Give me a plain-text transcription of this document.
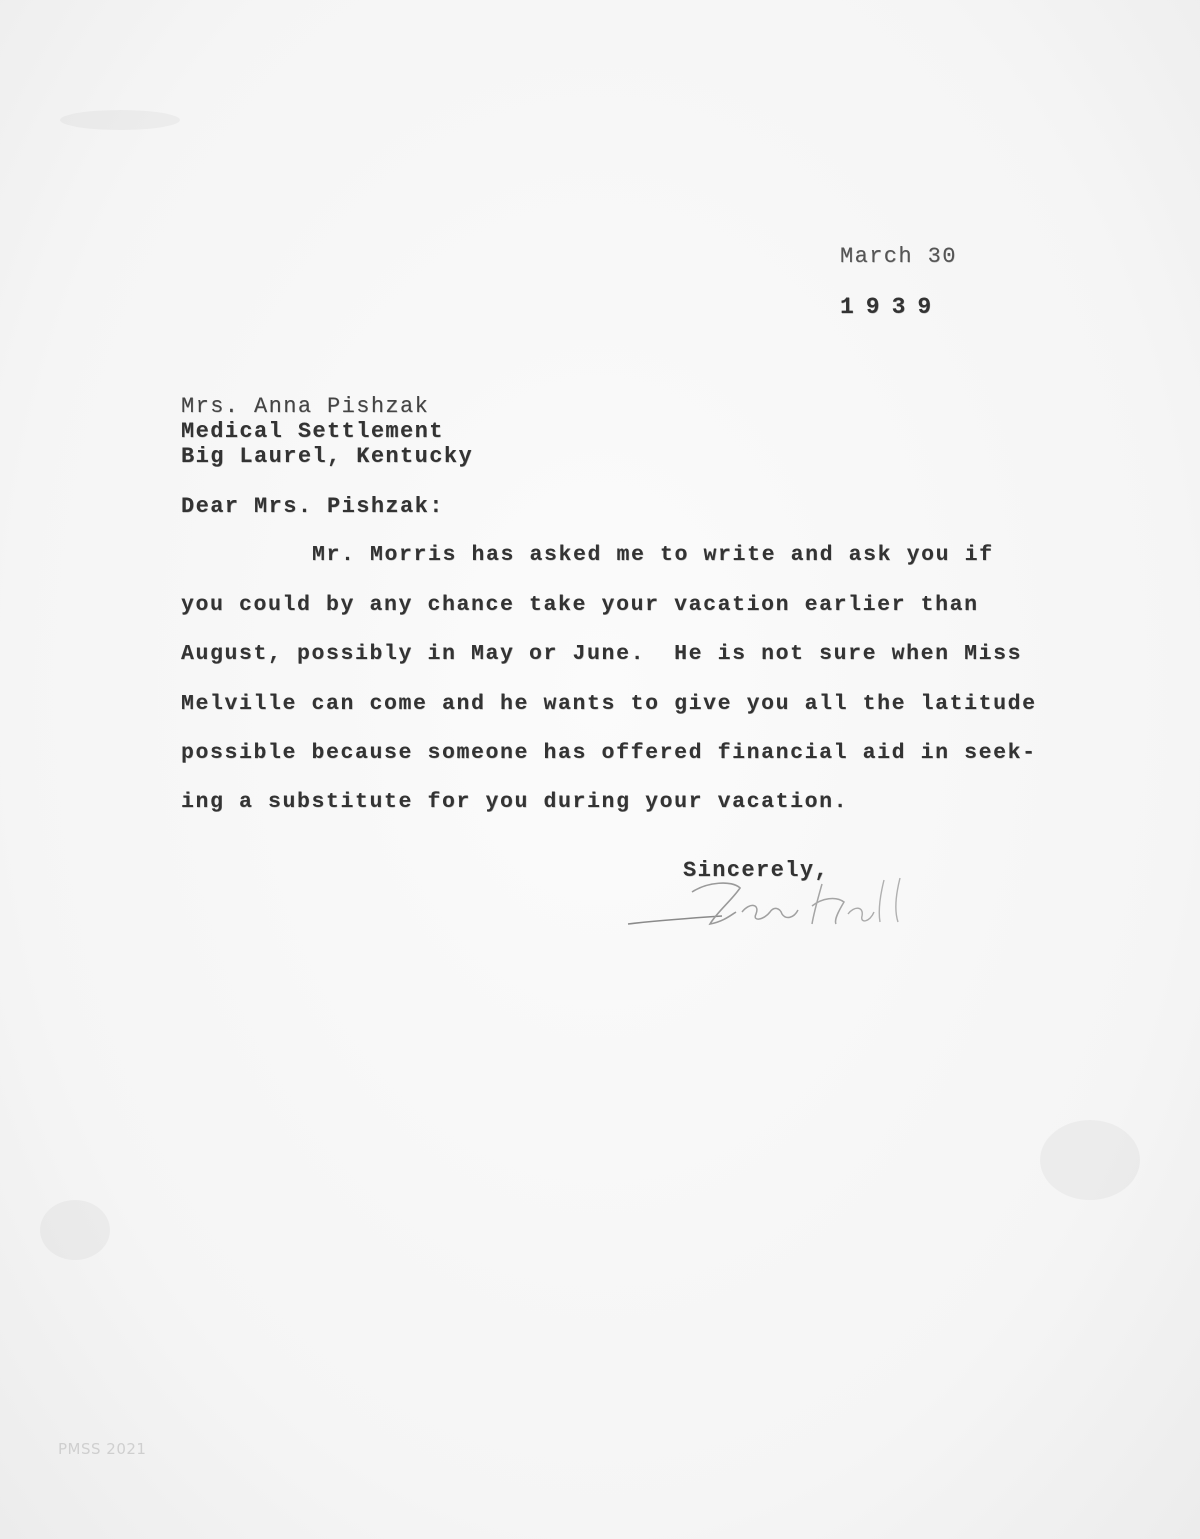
March 30
1939
Mrs. Anna Pishzak
Medical Settlement
Big Laurel, Kentucky
Dear Mrs. Pishzak:
Mr. Morris has asked me to write and ask you if
you could by any chance take your vacation earlier than
August, possibly in May or June.  He is not sure when Miss
Melville can come and he wants to give you all the latitude
possible because someone has offered financial aid in seek-
ing a substitute for you during your vacation.
Sincerely,
PMSS 2021
